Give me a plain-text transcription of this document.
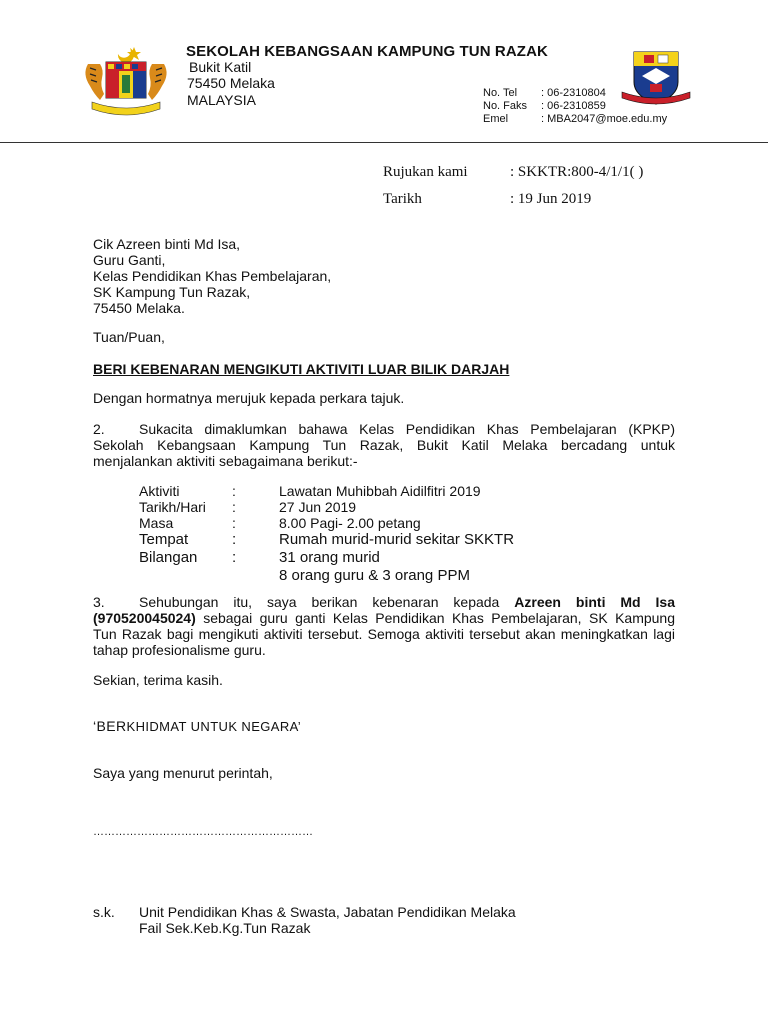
SEKOLAH KEBANGSAAN KAMPUNG TUN RAZAK
Bukit Katil
75450 Melaka
MALAYSIA	No. Tel : 06-2310804
No. Faks : 06-2310859
Emel	: MBA2047@moe.edu.my
Rujukan kami	: SKKTR:800-4/1/1( )
Tarikh	: 19 Jun 2019
Cik Azreen binti Md Isa,
Guru Ganti,
Kelas Pendidikan Khas Pembelajaran,
SK Kampung Tun Razak,
75450 Melaka.
Tuan/Puan,
BERI KEBENARAN MENGIKUTI AKTIVITI LUAR BILIK DARJAH
Dengan hormatnya merujuk kepada perkara tajuk.
2.	Sukacita dimaklumkan bahawa Kelas Pendidikan Khas Pembelajaran (KPKP)
Sekolah Kebangsaan Kampung Tun Razak, Bukit Katil Melaka bercadang untuk
menjalankan aktiviti sebagaimana berikut:-
Aktiviti	:	Lawatan Muhibbah Aidilfitri 2019
Tarikh/Hari :	27 Jun 2019
Masa	:	8.00 Pagi- 2.00 petang
Tempat	:	Rumah murid-murid sekitar SKKTR
Bilangan :	31 orang murid
8 orang guru & 3 orang PPM
3.	Sehubungan itu, saya berikan kebenaran kepada Azreen binti Md Isa
(970520045024) sebagai guru ganti Kelas Pendidikan Khas Pembelajaran, SK Kampung
Tun Razak bagi mengikuti aktiviti tersebut. Semoga aktiviti tersebut akan meningkatkan lagi
tahap profesionalisme guru.
Sekian, terima kasih.
‘BERKHIDMAT UNTUK NEGARA’
Saya yang menurut perintah,
……………………………………………………
s.k. Unit Pendidikan Khas & Swasta, Jabatan Pendidikan Melaka
Fail Sek.Keb.Kg.Tun Razak
